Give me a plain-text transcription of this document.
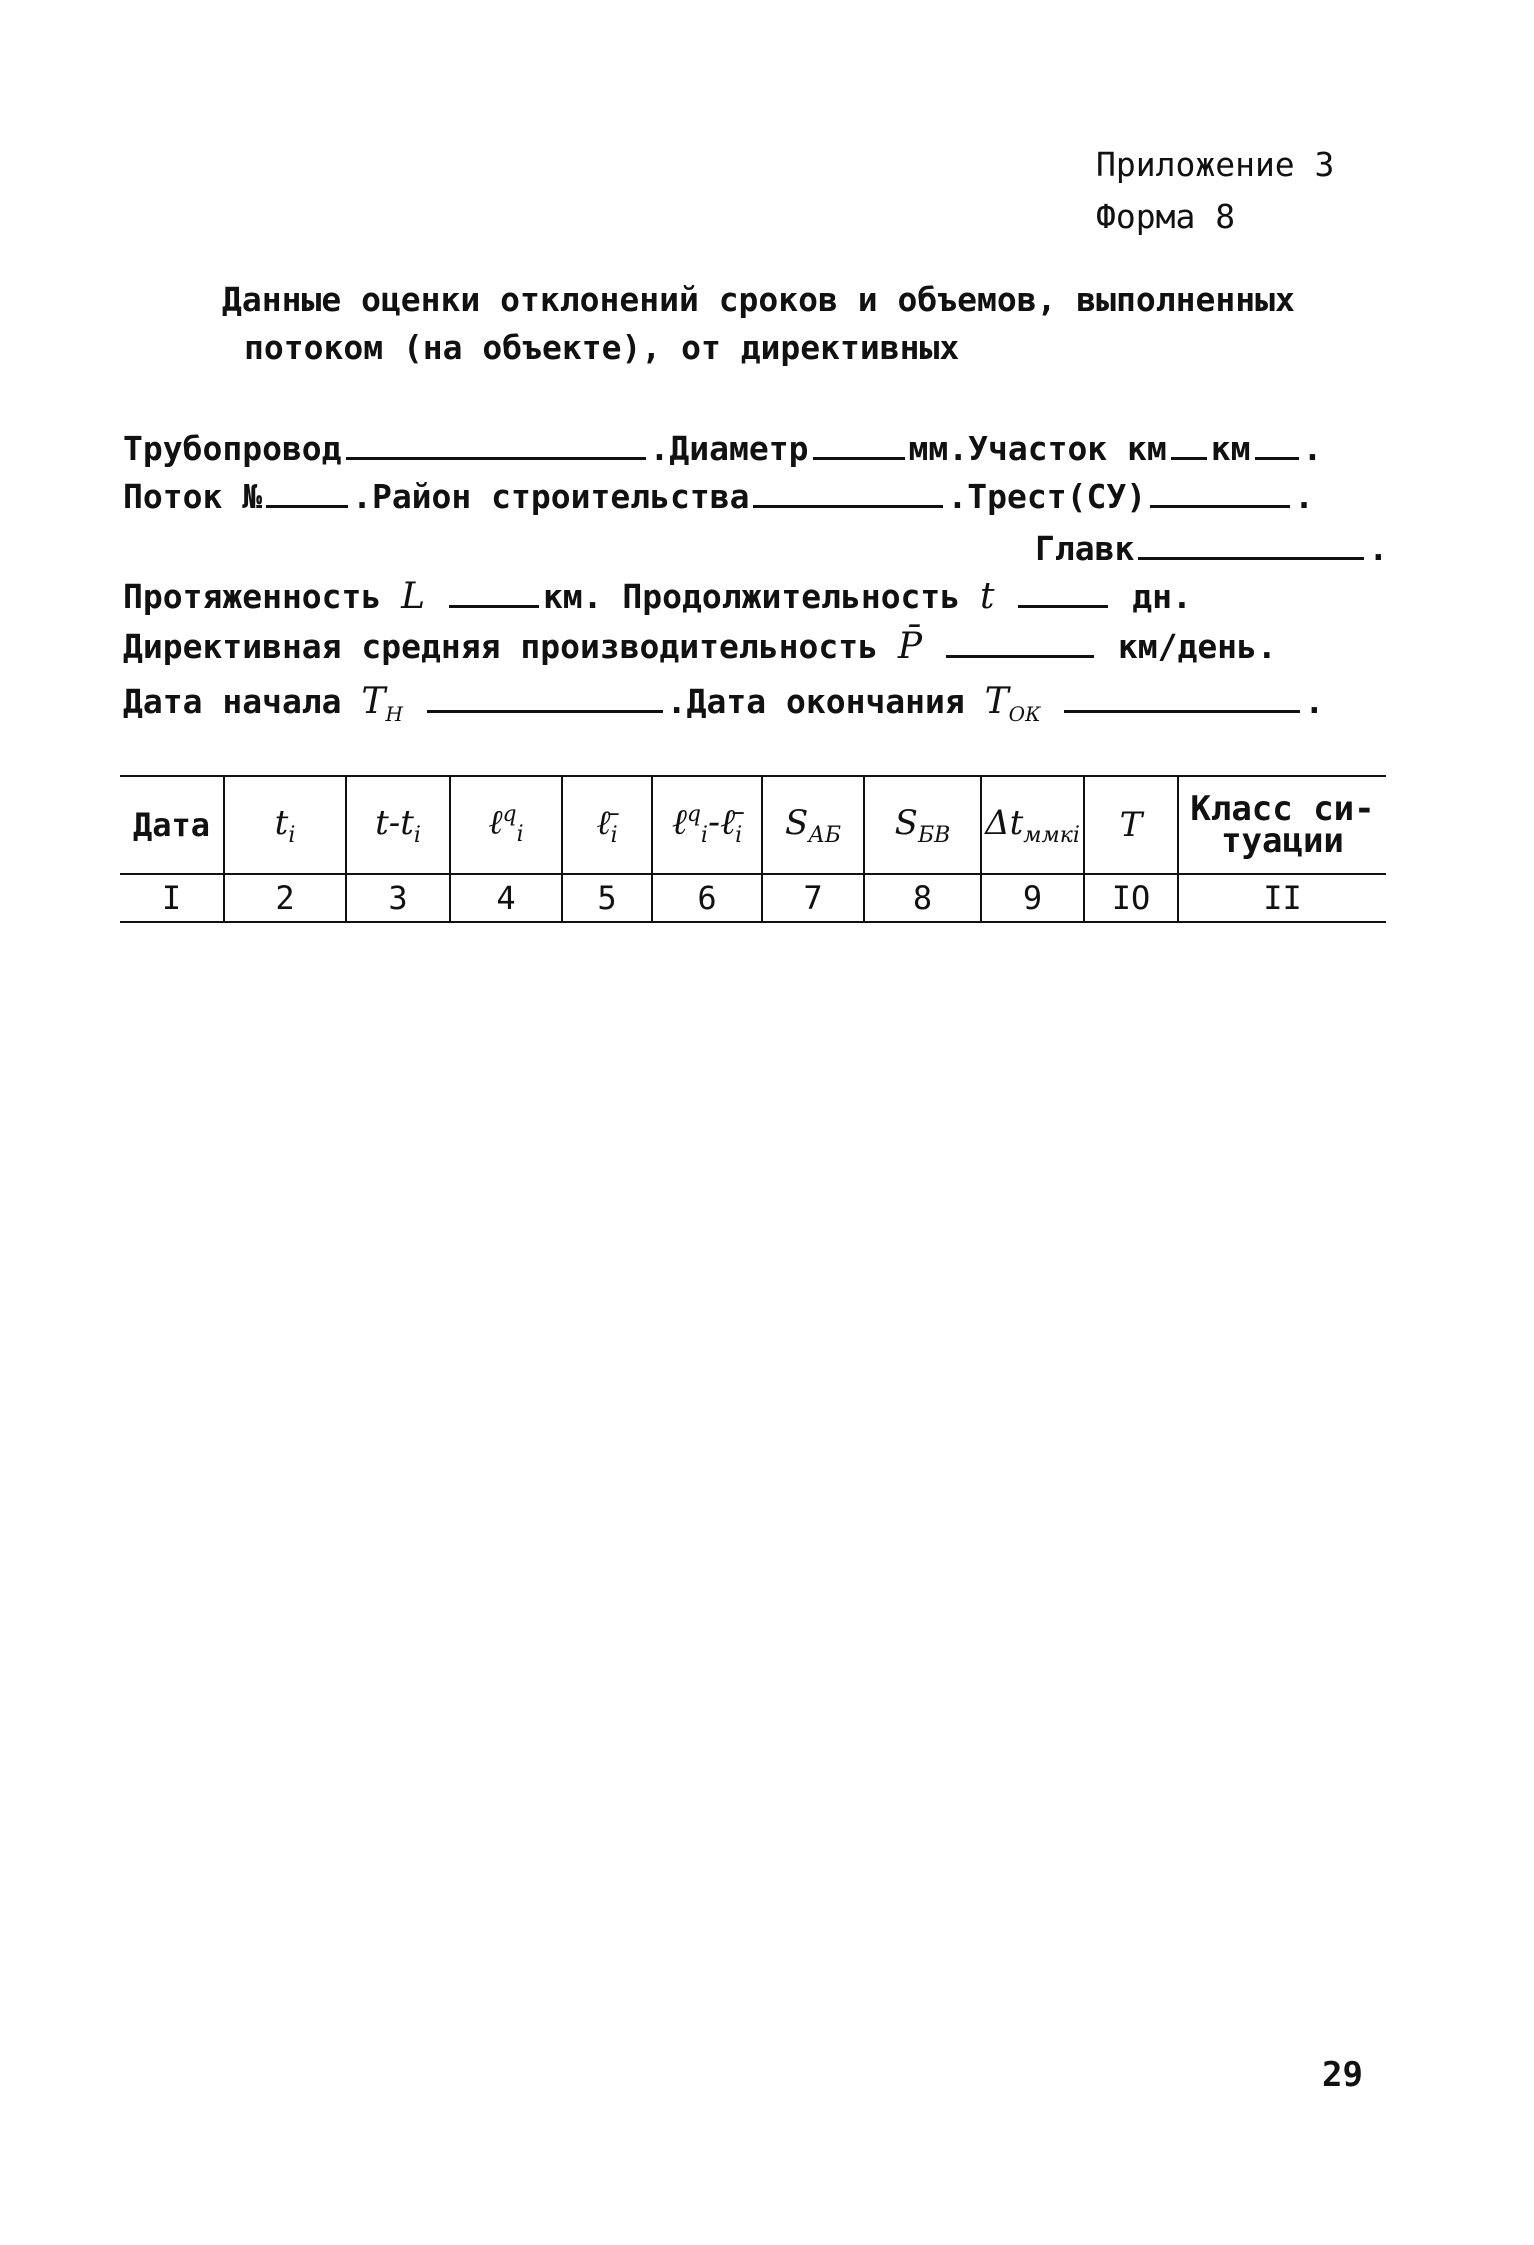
Приложение 3
Форма 8
Данные оценки отклонений сроков и объемов, выполненных
потоком (на объекте), от директивных
Трубопровод	.Диаметр	мм.Участок км км .
Поток №	.Район строительства	.Трест(СУ)	.
Главк	.
Протяженность L	км. Продолжительность t	дн.
Директивная средняя производительность P̄	км/день.
Дата начала $T_Н$	.Дата окончания $T_{ОК}$	.
Дата	$t_i$	$t-t_i$	ℓ$^q_i$	$\ell̄_i$	$\ell^q_i-\ell̄_i$	$S_{АБ}$	$S_{БВ}$	$\Delta t_{ммкi}$	T	Класс си-
туации

I	2	3	4	5	6	7	8	9	IO	II
29
